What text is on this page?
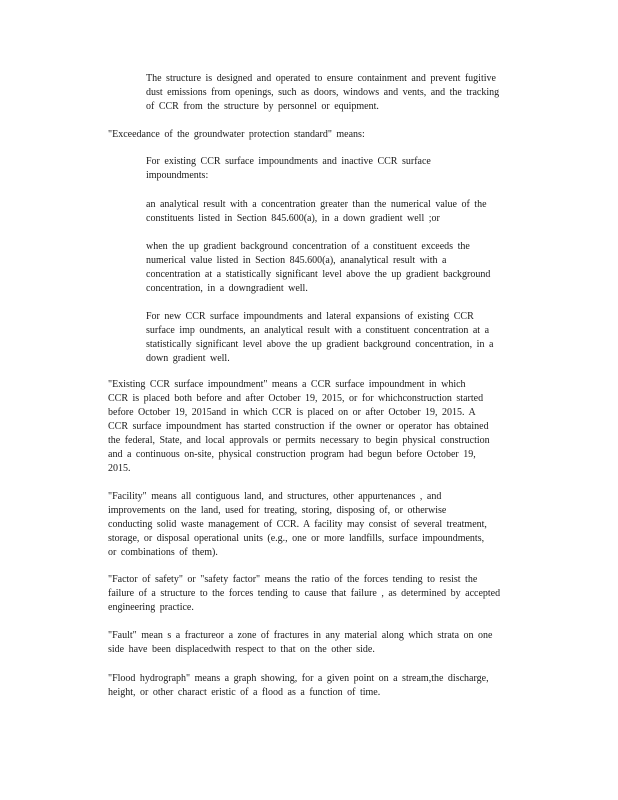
The structure is designed and operated to ensure containment and prevent fugitive
dust emissions from openings, such as doors, windows and vents, and the tracking
of CCR from the structure by personnel or equipment.

"Exceedance of the groundwater protection standard" means:

For existing CCR surface impoundments and inactive CCR surface
impoundments:

an analytical result with a concentration greater than the numerical value of the
constituents listed in Section 845.600(a), in a down gradient well ;or

when the up gradient background concentration of a constituent exceeds the
numerical value listed in Section 845.600(a), ananalytical result with a
concentration at a statistically significant level above the up gradient background
concentration, in a downgradient well.

For new CCR surface impoundments and lateral expansions of existing CCR
surface imp oundments, an analytical result with a constituent concentration at a
statistically significant level above the up gradient background concentration, in a
down gradient well.

"Existing CCR surface impoundment" means a CCR surface impoundment in which
CCR is placed both before and after October 19, 2015, or for whichconstruction started
before October 19, 2015and in which CCR is placed on or after October 19, 2015. A
CCR surface impoundment has started construction if the owner or operator has obtained
the federal, State, and local approvals or permits necessary to begin physical construction
and a continuous on-site, physical construction program had begun before October 19,
2015.

"Facility" means all contiguous land, and structures, other appurtenances , and
improvements on the land, used for treating, storing, disposing of, or otherwise
conducting solid waste management of CCR. A facility may consist of several treatment,
storage, or disposal operational units (e.g., one or more landfills, surface impoundments,
or combinations of them).

"Factor of safety" or "safety factor" means the ratio of the forces tending to resist the
failure of a structure to the forces tending to cause that failure , as determined by accepted
engineering practice.

"Fault" mean s a fractureor a zone of fractures in any material along which strata on one
side have been displacedwith respect to that on the other side.

"Flood hydrograph" means a graph showing, for a given point on a stream,the discharge,
height, or other charact eristic of a flood as a function of time.
